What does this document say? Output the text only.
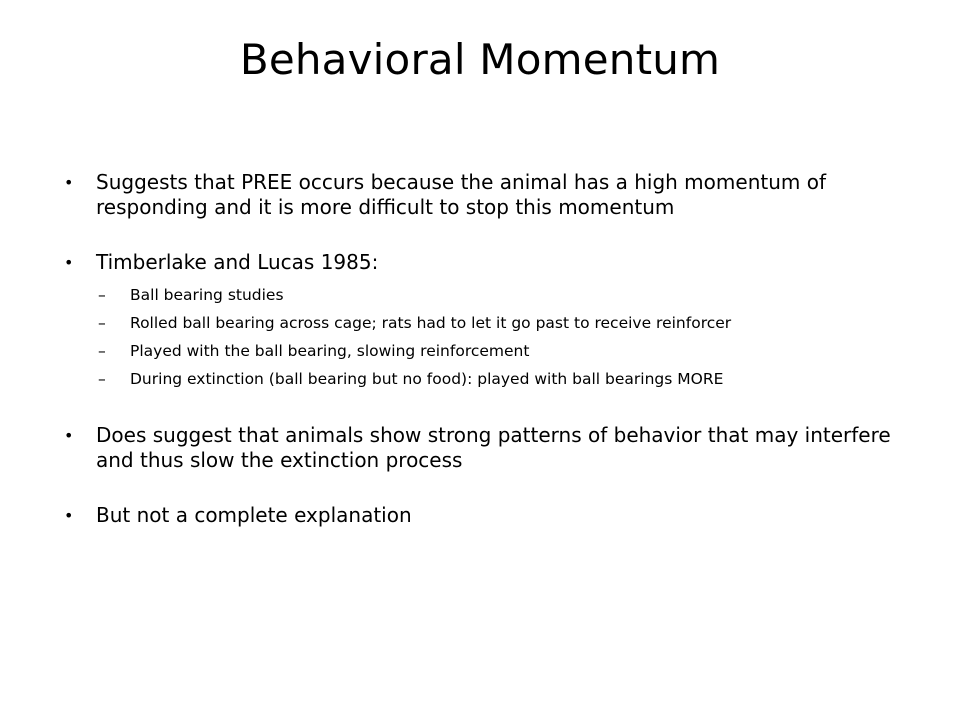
Behavioral Momentum
• Suggests that PREE occurs because the animal has a high momentum of responding and it is more difficult to stop this momentum
• Timberlake and Lucas 1985:
– Ball bearing studies
– Rolled ball bearing across cage; rats had to let it go past to receive reinforcer
– Played with the ball bearing, slowing reinforcement
– During extinction (ball bearing but no food): played with ball bearings MORE
• Does suggest that animals show strong patterns of behavior that may interfere and thus slow the extinction process
• But not a complete explanation
